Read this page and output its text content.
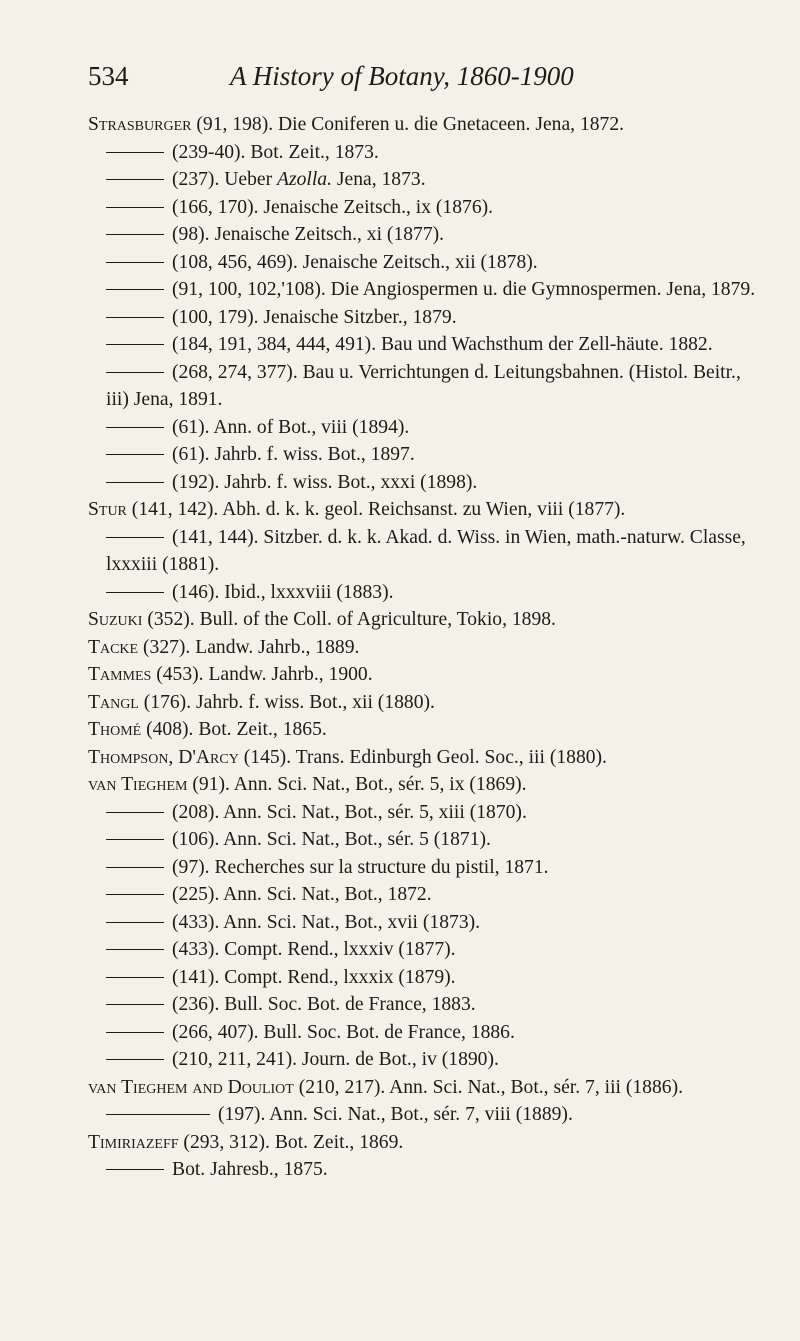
534	A History of Botany, 1860-1900

Strasburger (91, 198). Die Coniferen u. die Gnetaceen. Jena, 1872.

(239-40). Bot. Zeit., 1873.

(237). Ueber Azolla. Jena, 1873.

(166, 170). Jenaische Zeitsch., ix (1876).

(98). Jenaische Zeitsch., xi (1877).

(108, 456, 469). Jenaische Zeitsch., xii (1878).

(91, 100, 102,'108). Die Angiospermen u. die Gymnospermen. Jena, 1879.

(100, 179). Jenaische Sitzber., 1879.

(184, 191, 384, 444, 491). Bau und Wachsthum der Zell-häute. 1882.

(268, 274, 377). Bau u. Verrichtungen d. Leitungsbahnen. (Histol. Beitr., iii) Jena, 1891.

(61). Ann. of Bot., viii (1894).

(61). Jahrb. f. wiss. Bot., 1897.

(192). Jahrb. f. wiss. Bot., xxxi (1898).

Stur (141, 142). Abh. d. k. k. geol. Reichsanst. zu Wien, viii (1877).

(141, 144). Sitzber. d. k. k. Akad. d. Wiss. in Wien, math.-naturw. Classe, lxxxiii (1881).

(146). Ibid., lxxxviii (1883).

Suzuki (352). Bull. of the Coll. of Agriculture, Tokio, 1898.

Tacke (327). Landw. Jahrb., 1889.

Tammes (453). Landw. Jahrb., 1900.

Tangl (176). Jahrb. f. wiss. Bot., xii (1880).

Thomé (408). Bot. Zeit., 1865.

Thompson, D'Arcy (145). Trans. Edinburgh Geol. Soc., iii (1880).

van Tieghem (91). Ann. Sci. Nat., Bot., sér. 5, ix (1869).

(208). Ann. Sci. Nat., Bot., sér. 5, xiii (1870).

(106). Ann. Sci. Nat., Bot., sér. 5 (1871).

(97). Recherches sur la structure du pistil, 1871.

(225). Ann. Sci. Nat., Bot., 1872.

(433). Ann. Sci. Nat., Bot., xvii (1873).

(433). Compt. Rend., lxxxiv (1877).

(141). Compt. Rend., lxxxix (1879).

(236). Bull. Soc. Bot. de France, 1883.

(266, 407). Bull. Soc. Bot. de France, 1886.

(210, 211, 241). Journ. de Bot., iv (1890).

van Tieghem and Douliot (210, 217). Ann. Sci. Nat., Bot., sér. 7, iii (1886).

(197). Ann. Sci. Nat., Bot., sér. 7, viii (1889).

Timiriazeff (293, 312). Bot. Zeit., 1869.

Bot. Jahresb., 1875.
